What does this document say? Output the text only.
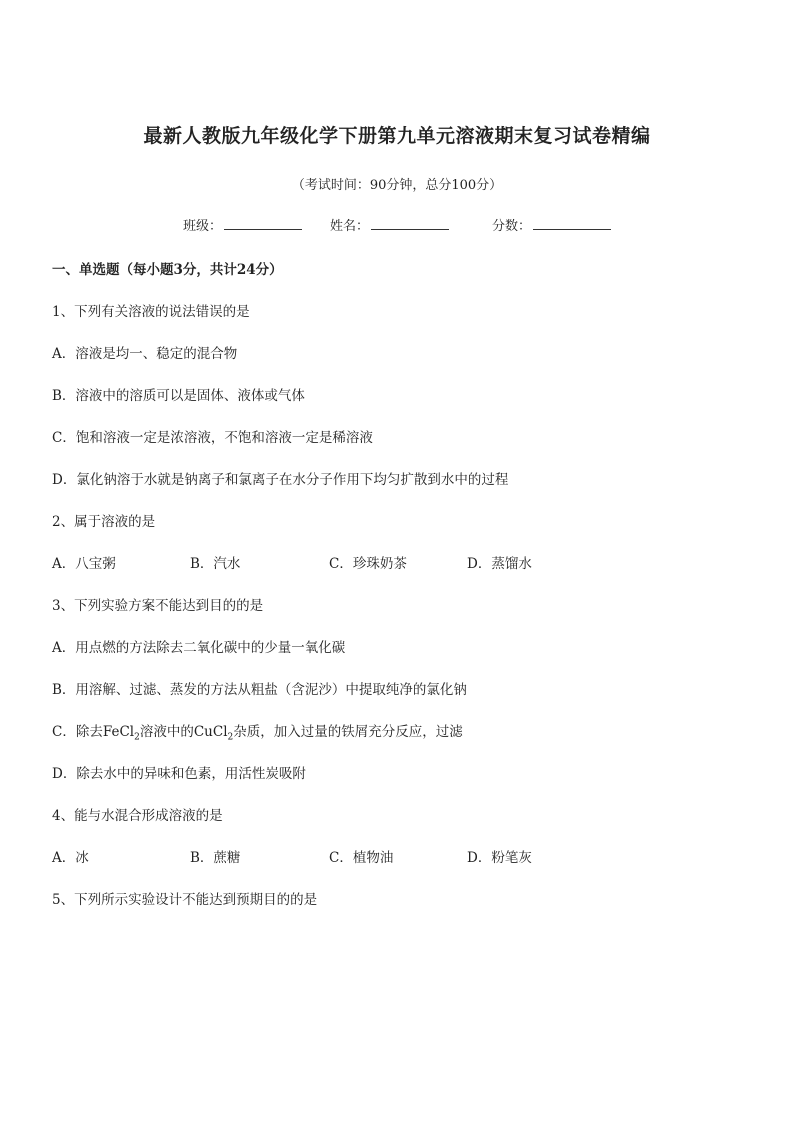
最新人教版九年级化学下册第九单元溶液期末复习试卷精编
（考试时间：90分钟，总分100分）
班级：	姓名：	分数：
一、单选题（每小题3分，共计24分）
1、下列有关溶液的说法错误的是
A．溶液是均一、稳定的混合物
B．溶液中的溶质可以是固体、液体或气体
C．饱和溶液一定是浓溶液，不饱和溶液一定是稀溶液
D．氯化钠溶于水就是钠离子和氯离子在水分子作用下均匀扩散到水中的过程
2、属于溶液的是
A．八宝粥	B．汽水	C．珍珠奶茶	D．蒸馏水
3、下列实验方案不能达到目的的是
A．用点燃的方法除去二氧化碳中的少量一氧化碳
B．用溶解、过滤、蒸发的方法从粗盐（含泥沙）中提取纯净的氯化钠
C．除去FeCl$_2$溶液中的CuCl$_2$杂质，加入过量的铁屑充分反应，过滤
D．除去水中的异味和色素，用活性炭吸附
4、能与水混合形成溶液的是
A．冰	B．蔗糖	C．植物油	D．粉笔灰
5、下列所示实验设计不能达到预期目的的是
